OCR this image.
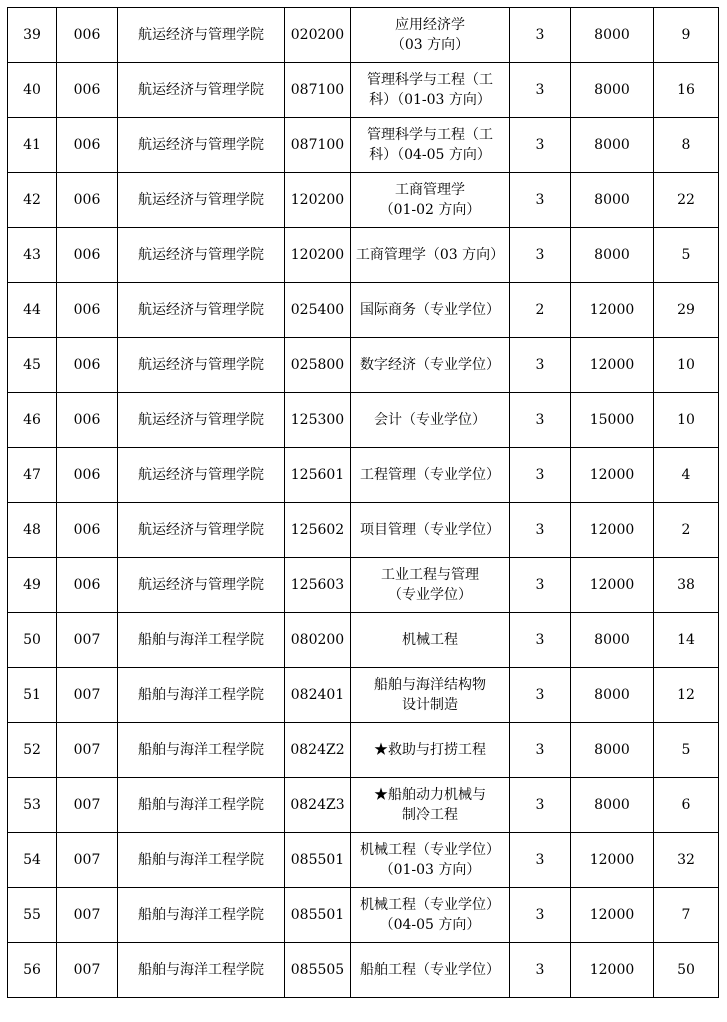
39	006	航运经济与管理学院	020200	应用经济学
（03 方向）	3	8000	9
40	006	航运经济与管理学院	087100	管理科学与工程（工
科）（01-03 方向）	3	8000	16
41	006	航运经济与管理学院	087100	管理科学与工程（工
科）（04-05 方向）	3	8000	8
42	006	航运经济与管理学院	120200	工商管理学
（01-02 方向）	3	8000	22
43	006	航运经济与管理学院	120200	工商管理学（03 方向）	3	8000	5
44	006	航运经济与管理学院	025400	国际商务（专业学位）	2	12000	29
45	006	航运经济与管理学院	025800	数字经济（专业学位）	3	12000	10
46	006	航运经济与管理学院	125300	会计（专业学位）	3	15000	10
47	006	航运经济与管理学院	125601	工程管理（专业学位）	3	12000	4
48	006	航运经济与管理学院	125602	项目管理（专业学位）	3	12000	2
49	006	航运经济与管理学院	125603	工业工程与管理
（专业学位）	3	12000	38
50	007	船舶与海洋工程学院	080200	机械工程	3	8000	14
51	007	船舶与海洋工程学院	082401	船舶与海洋结构物
设计制造	3	8000	12
52	007	船舶与海洋工程学院	0824Z2	★救助与打捞工程	3	8000	5
53	007	船舶与海洋工程学院	0824Z3	★船舶动力机械与
制冷工程	3	8000	6
54	007	船舶与海洋工程学院	085501	机械工程（专业学位）
（01-03 方向）	3	12000	32
55	007	船舶与海洋工程学院	085501	机械工程（专业学位）
（04-05 方向）	3	12000	7
56	007	船舶与海洋工程学院	085505	船舶工程（专业学位）	3	12000	50
